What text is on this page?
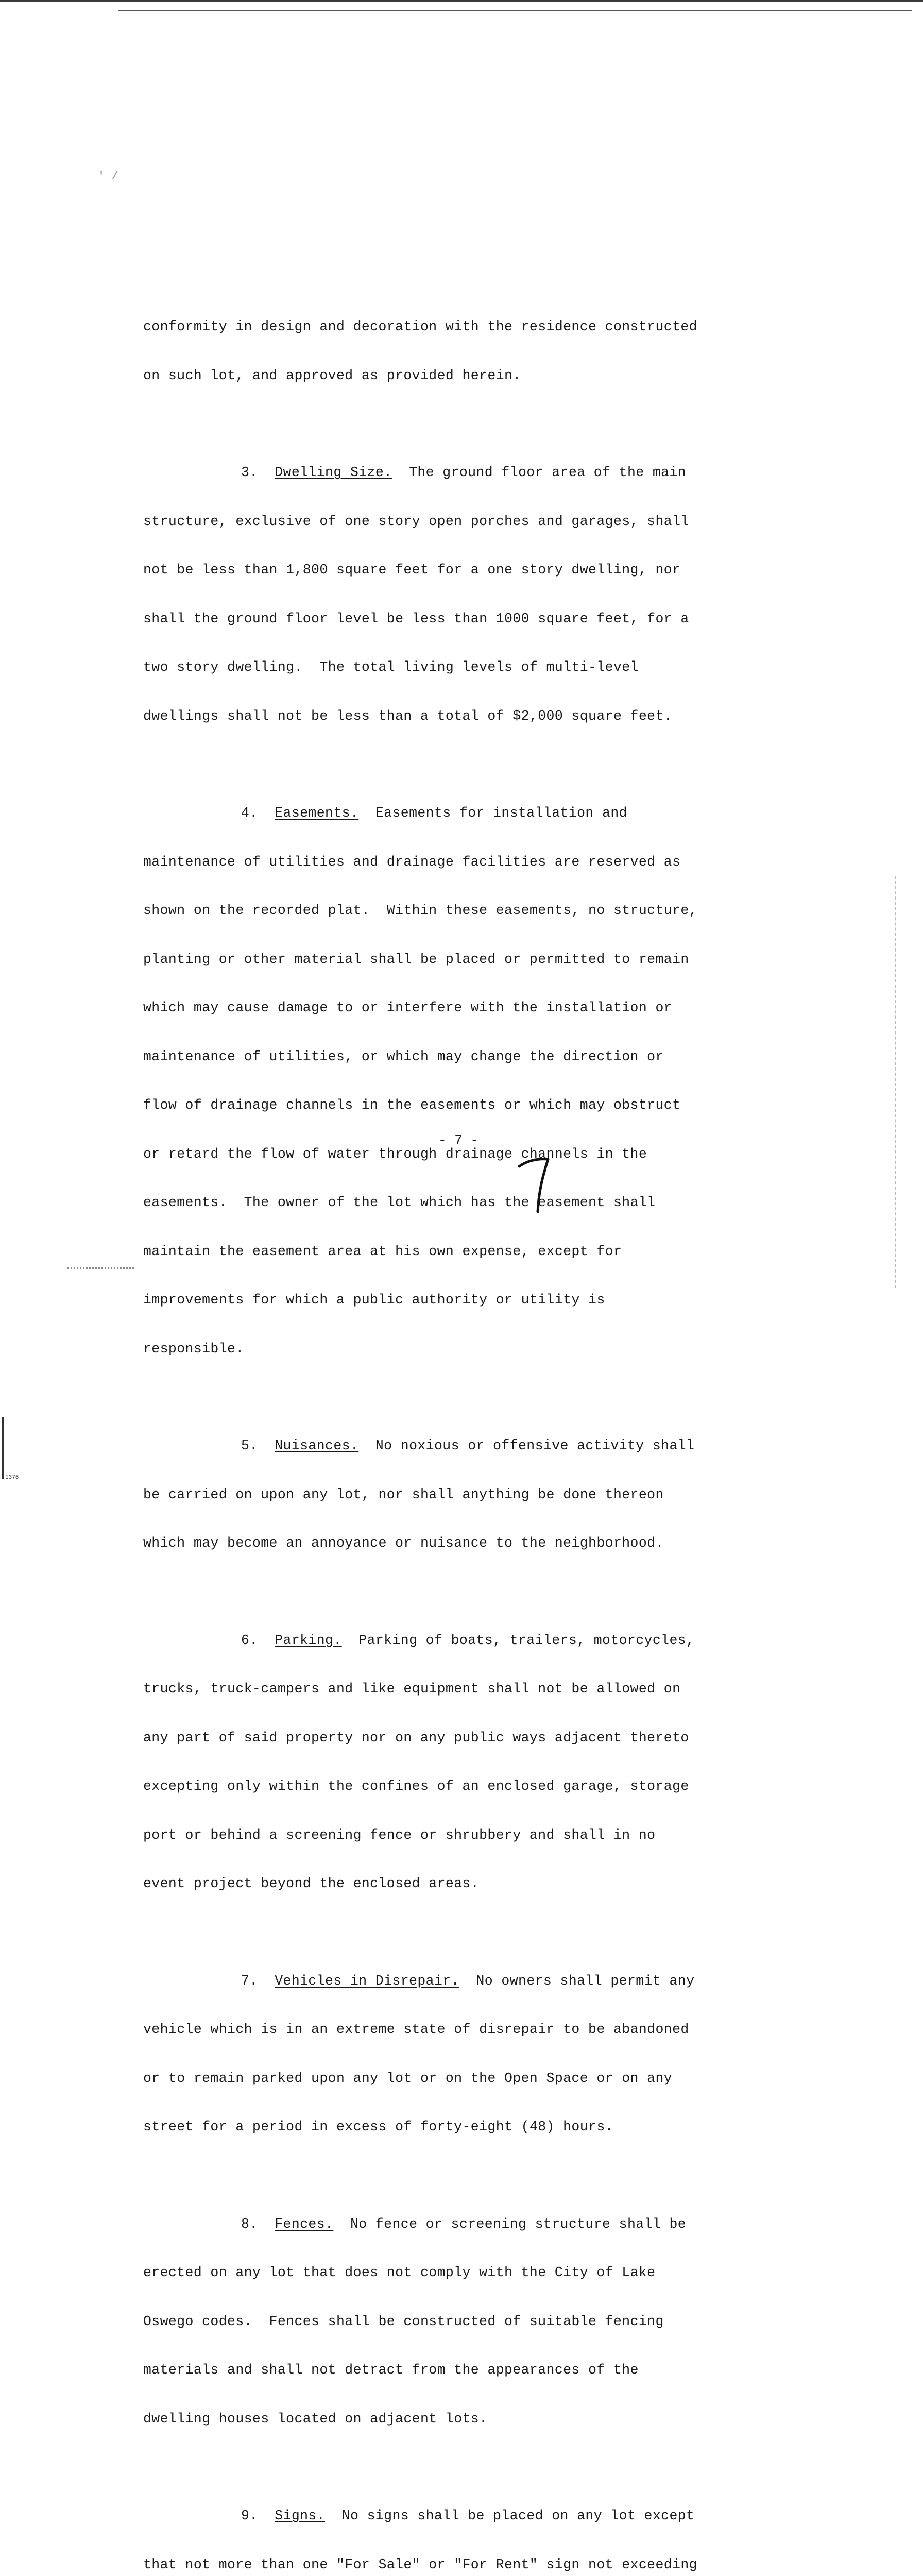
' /
1376

conformity in design and decoration with the residence constructed

on such lot, and approved as provided herein.

3. Dwelling Size. The ground floor area of the main

structure, exclusive of one story open porches and garages, shall

not be less than 1,800 square feet for a one story dwelling, nor

shall the ground floor level be less than 1000 square feet, for a

two story dwelling.  The total living levels of multi-level

dwellings shall not be less than a total of $2,000 square feet.

4. Easements. Easements for installation and

maintenance of utilities and drainage facilities are reserved as

shown on the recorded plat.  Within these easements, no structure,

planting or other material shall be placed or permitted to remain

which may cause damage to or interfere with the installation or

maintenance of utilities, or which may change the direction or

flow of drainage channels in the easements or which may obstruct

or retard the flow of water through drainage channels in the

easements.  The owner of the lot which has the easement shall

maintain the easement area at his own expense, except for

improvements for which a public authority or utility is

responsible.

5. Nuisances. No noxious or offensive activity shall

be carried on upon any lot, nor shall anything be done thereon

which may become an annoyance or nuisance to the neighborhood.

6. Parking. Parking of boats, trailers, motorcycles,

trucks, truck-campers and like equipment shall not be allowed on

any part of said property nor on any public ways adjacent thereto

excepting only within the confines of an enclosed garage, storage

port or behind a screening fence or shrubbery and shall in no

event project beyond the enclosed areas.

7. Vehicles in Disrepair. No owners shall permit any

vehicle which is in an extreme state of disrepair to be abandoned

or to remain parked upon any lot or on the Open Space or on any

street for a period in excess of forty-eight (48) hours.

8. Fences. No fence or screening structure shall be

erected on any lot that does not comply with the City of Lake

Oswego codes.  Fences shall be constructed of suitable fencing

materials and shall not detract from the appearances of the

dwelling houses located on adjacent lots.

9. Signs. No signs shall be placed on any lot except

that not more than one "For Sale" or "For Rent" sign not exceeding

- 7 -
